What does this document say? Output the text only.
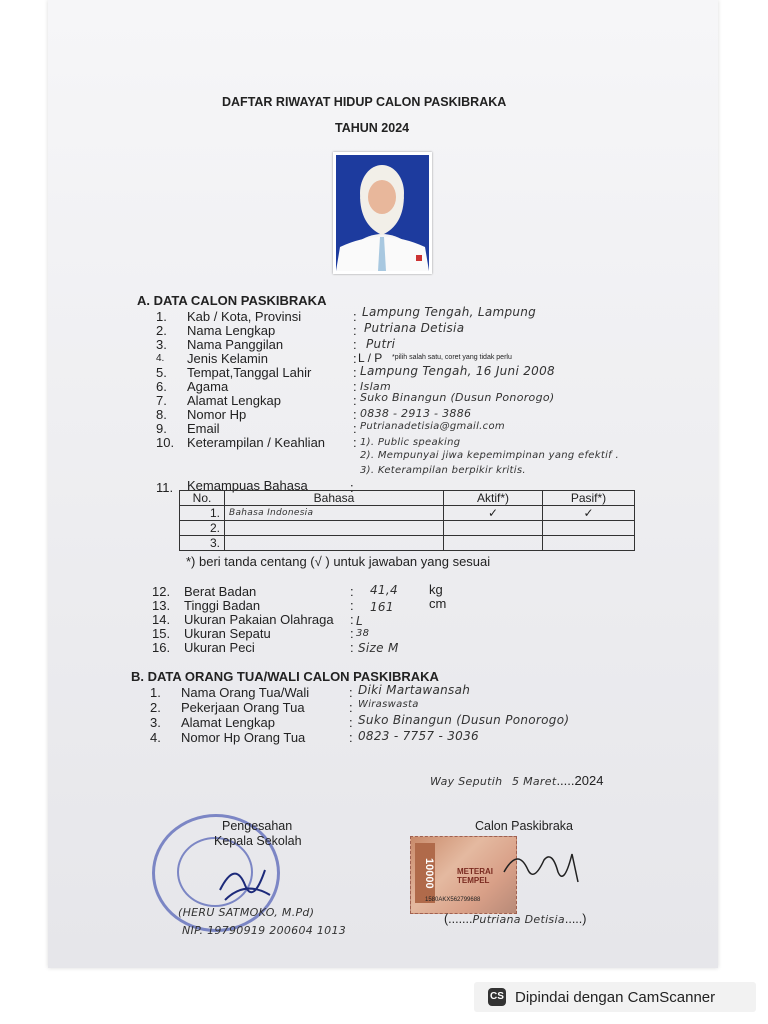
DAFTAR RIWAYAT HIDUP CALON PASKIBRAKA
TAHUN 2024
A. DATA CALON PASKIBRAKA
1. Kab / Kota, Provinsi	: Lampung Tengah, Lampung
2. Nama Lengkap	: Putriana Detisia
3. Nama Panggilan	: Putri
4. Jenis Kelamin	: L / P *pilih salah satu, coret yang tidak perlu
5. Tempat,Tanggal Lahir	: Lampung Tengah, 16 Juni 2008
6. Agama	: Islam
7. Alamat Lengkap	: Suko Binangun (Dusun Ponorogo)
8. Nomor Hp	: 0838 - 2913 - 3886
9. Email	: Putrianadetisia@gmail.com
10. Keterampilan / Keahlian : 1). Public speaking
2). Mempunyai jiwa kepemimpinan yang efektif .
3). Keterampilan berpikir kritis.
11. Kemampuas Bahasa	:
No.	Bahasa	Aktif*)	Pasif*)
1.	Bahasa Indonesia	✓	✓
2.			
3.			
*) beri tanda centang (√ ) untuk jawaban yang sesuai
12. Berat Badan	: 41,4 kg
13. Tinggi Badan	: 161	cm
14. Ukuran Pakaian Olahraga : L
15. Ukuran Sepatu	: 38
16. Ukuran Peci	: Size M
B. DATA ORANG TUA/WALI CALON PASKIBRAKA
1. Nama Orang Tua/Wali	: Diki Martawansah
2. Pekerjaan Orang Tua	: Wiraswasta
3. Alamat Lengkap	: Suko Binangun (Dusun Ponorogo)
4. Nomor Hp Orang Tua	: 0823 - 7757 - 3036
Way Seputih 5 Maret.....2024
Pengesahan
Kepala Sekolah
(HERU SATMOKO, M.Pd)
NIP. 19790919 200604 1013
Calon Paskibraka
10000	METERAI TEMPEL
1580AKX562799688
(.......Putriana Detisia.....)
CS Dipindai dengan CamScanner
